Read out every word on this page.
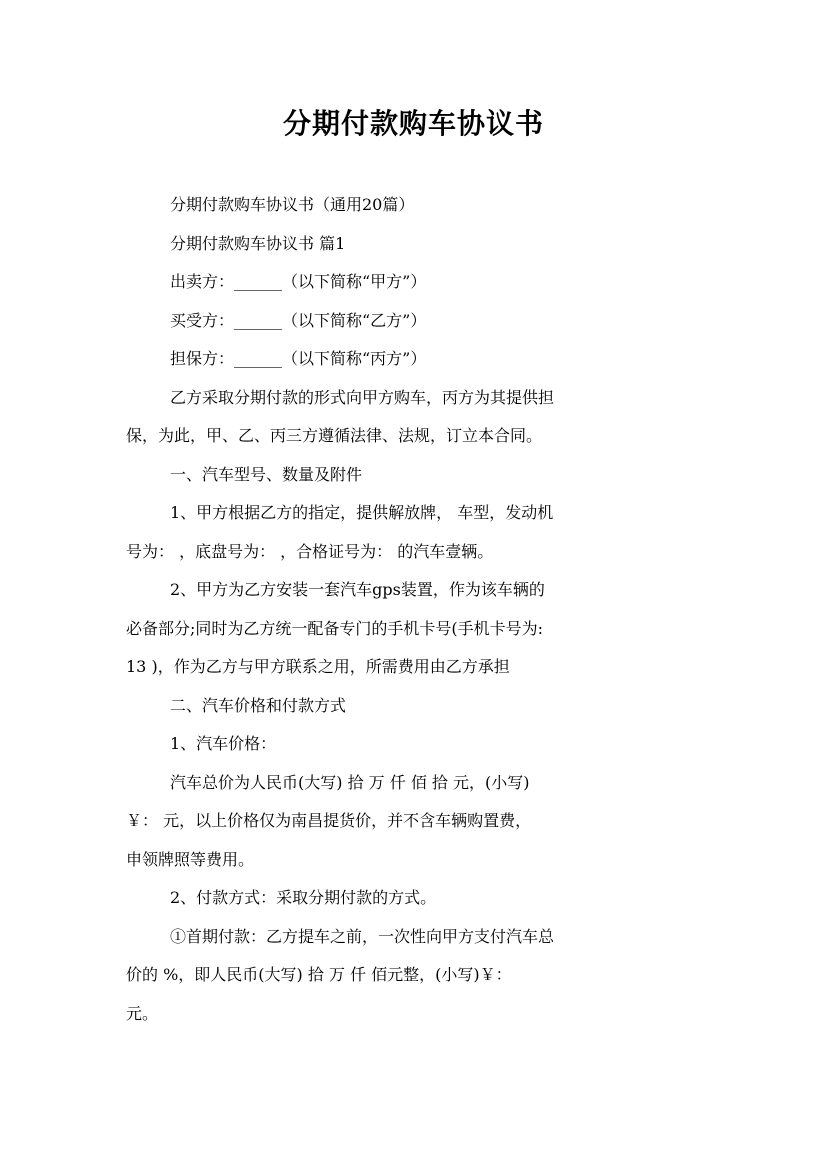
分期付款购车协议书
分期付款购车协议书（通用20篇）
分期付款购车协议书 篇1
出卖方：______（以下简称“甲方”）
买受方：______（以下简称“乙方”）
担保方：______（以下简称“丙方”）
乙方采取分期付款的形式向甲方购车，丙方为其提供担
保，为此，甲、乙、丙三方遵循法律、法规，订立本合同。
一、汽车型号、数量及附件
1、甲方根据乙方的指定，提供解放牌， 车型，发动机
号为： ，底盘号为： ，合格证号为： 的汽车壹辆。
2、甲方为乙方安装一套汽车gps装置，作为该车辆的
必备部分;同时为乙方统一配备专门的手机卡号(手机卡号为:
13 )，作为乙方与甲方联系之用，所需费用由乙方承担
二、汽车价格和付款方式
1、汽车价格：
汽车总价为人民币(大写) 拾 万 仟 佰 拾 元，(小写)
￥： 元，以上价格仅为南昌提货价，并不含车辆购置费，
申领牌照等费用。
2、付款方式：采取分期付款的方式。
①首期付款：乙方提车之前，一次性向甲方支付汽车总
价的 %，即人民币(大写) 拾 万 仟 佰元整，(小写)￥：
元。
